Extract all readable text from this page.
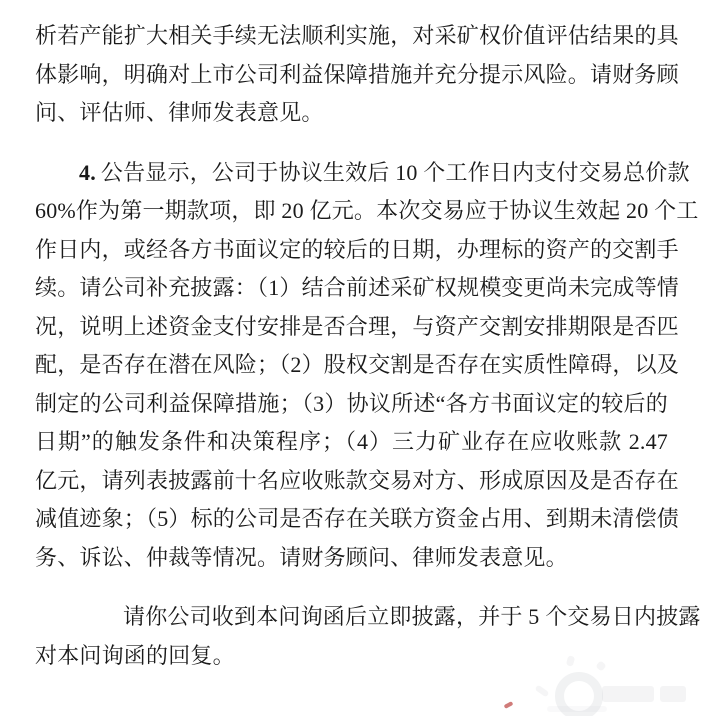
析若产能扩大相关手续无法顺利实施，对采矿权价值评估结果的具
体影响，明确对上市公司利益保障措施并充分提示风险。请财务顾
问、评估师、律师发表意见。
4. 公告显示，公司于协议生效后 10 个工作日内支付交易总价款
60%作为第一期款项，即 20 亿元。本次交易应于协议生效起 20 个工
作日内，或经各方书面议定的较后的日期，办理标的资产的交割手
续。请公司补充披露：（1）结合前述采矿权规模变更尚未完成等情
况，说明上述资金支付安排是否合理，与资产交割安排期限是否匹
配，是否存在潜在风险；（2）股权交割是否存在实质性障碍，以及
制定的公司利益保障措施；（3）协议所述“各方书面议定的较后的
日期”的触发条件和决策程序；（4）三力矿业存在应收账款 2.47
亿元，请列表披露前十名应收账款交易对方、形成原因及是否存在
减值迹象；（5）标的公司是否存在关联方资金占用、到期未清偿债
务、诉讼、仲裁等情况。请财务顾问、律师发表意见。
请你公司收到本问询函后立即披露，并于 5 个交易日内披露
对本问询函的回复。
